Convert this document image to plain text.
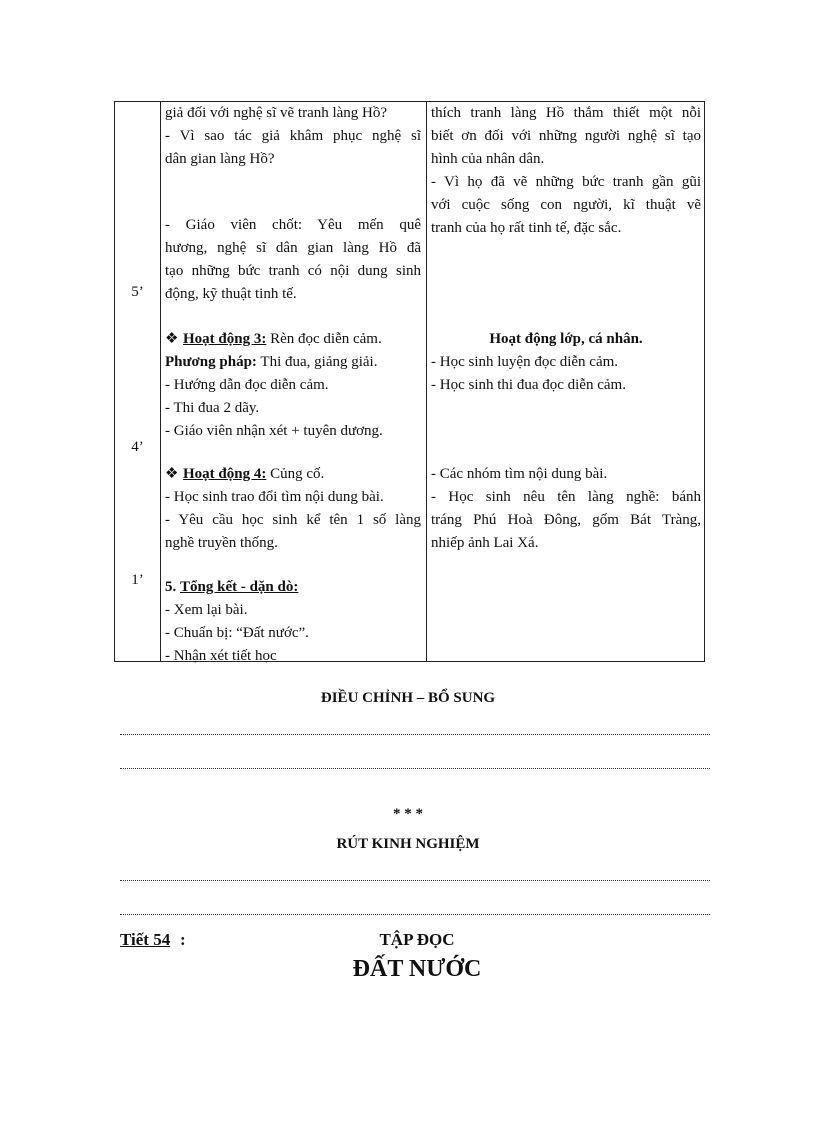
5’
4’
1’
giả đối với nghệ sĩ vẽ tranh làng Hồ?
- Vì sao tác giả khâm phục nghệ sĩ
dân gian làng Hồ?
- Giáo viên chốt: Yêu mến quê
hương, nghệ sĩ dân gian làng Hồ đã
tạo những bức tranh có nội dung sinh
động, kỹ thuật tinh tế.
❖ Hoạt động 3: Rèn đọc diễn cảm.
Phương pháp: Thi đua, giảng giải.
- Hướng dẫn đọc diễn cảm.
- Thi đua 2 dãy.
- Giáo viên nhận xét + tuyên dương.
❖ Hoạt động 4: Củng cố.
- Học sinh trao đổi tìm nội dung bài.
- Yêu cầu học sinh kể tên 1 số làng
nghề truyền thống.
5. Tổng kết - dặn dò:
- Xem lại bài.
- Chuẩn bị: “Đất nước”.
- Nhận xét tiết học
thích tranh làng Hồ thắm thiết một nỗi
biết ơn đối với những người nghệ sĩ tạo
hình của nhân dân.
- Vì họ đã vẽ những bức tranh gần gũi
với cuộc sống con người, kĩ thuật vẽ
tranh của họ rất tinh tế, đặc sắc.
Hoạt động lớp, cá nhân.
- Học sinh luyện đọc diễn cảm.
- Học sinh thi đua đọc diễn cảm.
- Các nhóm tìm nội dung bài.
- Học sinh nêu tên làng nghề: bánh
tráng Phú Hoà Đông, gốm Bát Tràng,
nhiếp ảnh Lai Xá.
ĐIỀU CHỈNH – BỔ SUNG
* * *
RÚT KINH NGHIỆM
Tiết 54 :	TẬP ĐỌC
ĐẤT NƯỚC
